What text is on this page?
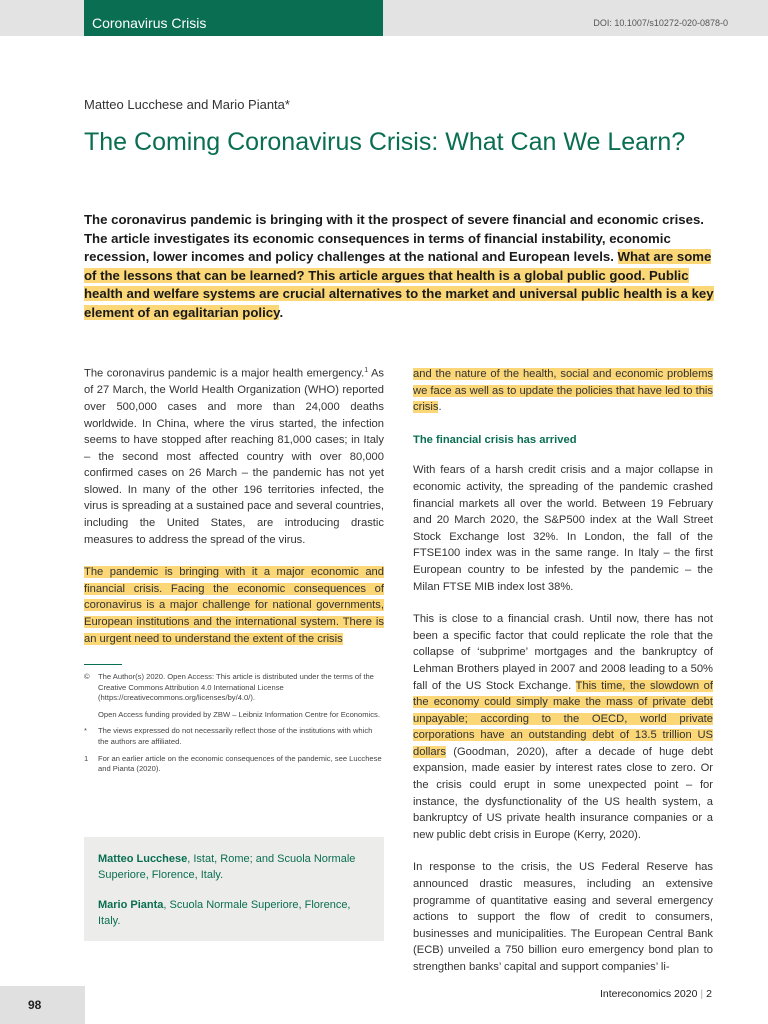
Coronavirus Crisis	DOI: 10.1007/s10272-020-0878-0
Matteo Lucchese and Mario Pianta*
The Coming Coronavirus Crisis: What Can We Learn?
The coronavirus pandemic is bringing with it the prospect of severe financial and economic crises. The article investigates its economic consequences in terms of financial instability, economic recession, lower incomes and policy challenges at the national and European levels. What are some of the lessons that can be learned? This article argues that health is a global public good. Public health and welfare systems are crucial alternatives to the market and universal public health is a key element of an egalitarian policy.

The coronavirus pandemic is a major health emergency.$^1$ As of 27 March, the World Health Organization (WHO) reported over 500,000 cases and more than 24,000 deaths worldwide. In China, where the virus started, the infection seems to have stopped after reaching 81,000 cases; in Italy – the second most affected country with over 80,000 confirmed cases on 26 March – the pandemic has not yet slowed. In many of the other 196 territories infected, the virus is spreading at a sustained pace and several countries, including the United States, are introducing drastic measures to address the spread of the virus.

The pandemic is bringing with it a major economic and financial crisis. Facing the economic consequences of coronavirus is a major challenge for national governments, European institutions and the international system. There is an urgent need to understand the extent of the crisis

©	The Author(s) 2020. Open Access: This article is distributed under the terms of the Creative Commons Attribution 4.0 International License (https://creativecommons.org/licenses/by/4.0/).
Open Access funding provided by ZBW – Leibniz Information Centre for Economics.
*	The views expressed do not necessarily reflect those of the institutions with which the authors are affiliated.
1	For an earlier article on the economic consequences of the pandemic, see Lucchese and Pianta (2020).

Matteo Lucchese, Istat, Rome; and Scuola Normale Superiore, Florence, Italy.

Mario Pianta, Scuola Normale Superiore, Florence, Italy.

and the nature of the health, social and economic problems we face as well as to update the policies that have led to this crisis.

The financial crisis has arrived

With fears of a harsh credit crisis and a major collapse in economic activity, the spreading of the pandemic crashed financial markets all over the world. Between 19 February and 20 March 2020, the S&P500 index at the Wall Street Stock Exchange lost 32%. In London, the fall of the FTSE100 index was in the same range. In Italy – the first European country to be infested by the pandemic – the Milan FTSE MIB index lost 38%.

This is close to a financial crash. Until now, there has not been a specific factor that could replicate the role that the collapse of ‘subprime’ mortgages and the bankruptcy of Lehman Brothers played in 2007 and 2008 leading to a 50% fall of the US Stock Exchange. This time, the slowdown of the economy could simply make the mass of private debt unpayable; according to the OECD, world private corporations have an outstanding debt of 13.5 trillion US dollars (Goodman, 2020), after a decade of huge debt expansion, made easier by interest rates close to zero. Or the crisis could erupt in some unexpected point – for instance, the dysfunctionality of the US health system, a bankruptcy of US private health insurance companies or a new public debt crisis in Europe (Kerry, 2020).

In response to the crisis, the US Federal Reserve has announced drastic measures, including an extensive programme of quantitative easing and several emergency actions to support the flow of credit to consumers, businesses and municipalities. The European Central Bank (ECB) unveiled a 750 billion euro emergency bond plan to strengthen banks’ capital and support companies’ li-

98
Intereconomics 2020 | 2
